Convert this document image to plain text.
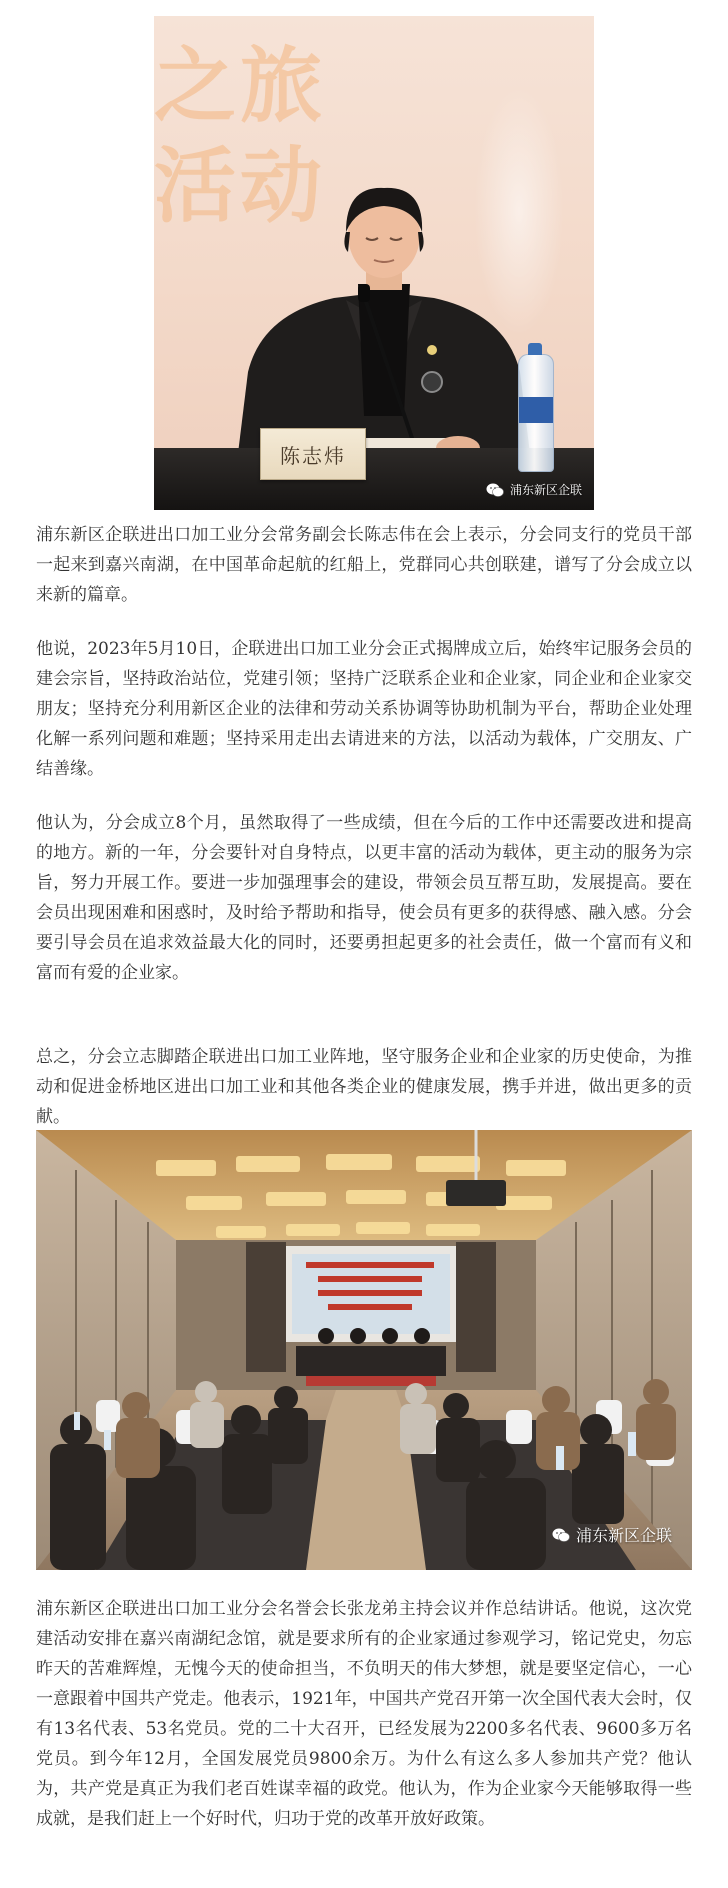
之旅
活动
陈志炜
浦东新区企联

浦东新区企联进出口加工业分会常务副会长陈志伟在会上表示，分会同支行的党员干部一起来到嘉兴南湖，在中国革命起航的红船上，党群同心共创联建，谱写了分会成立以来新的篇章。

他说，2023年5月10日，企联进出口加工业分会正式揭牌成立后，始终牢记服务会员的建会宗旨，坚持政治站位，党建引领；坚持广泛联系企业和企业家，同企业和企业家交朋友；坚持充分利用新区企业的法律和劳动关系协调等协助机制为平台，帮助企业处理化解一系列问题和难题；坚持采用走出去请进来的方法，以活动为载体，广交朋友、广结善缘。

他认为，分会成立8个月，虽然取得了一些成绩，但在今后的工作中还需要改进和提高的地方。新的一年，分会要针对自身特点，以更丰富的活动为载体，更主动的服务为宗旨，努力开展工作。要进一步加强理事会的建设，带领会员互帮互助，发展提高。要在会员出现困难和困惑时，及时给予帮助和指导，使会员有更多的获得感、融入感。分会要引导会员在追求效益最大化的同时，还要勇担起更多的社会责任，做一个富而有义和富而有爱的企业家。

总之，分会立志脚踏企联进出口加工业阵地，坚守服务企业和企业家的历史使命，为推动和促进金桥地区进出口加工业和其他各类企业的健康发展，携手并进，做出更多的贡献。

浦东新区企联

浦东新区企联进出口加工业分会名誉会长张龙弟主持会议并作总结讲话。他说，这次党建活动安排在嘉兴南湖纪念馆，就是要求所有的企业家通过参观学习，铭记党史，勿忘昨天的苦难辉煌，无愧今天的使命担当，不负明天的伟大梦想，就是要坚定信心，一心一意跟着中国共产党走。他表示，1921年，中国共产党召开第一次全国代表大会时，仅有13名代表、53名党员。党的二十大召开，已经发展为2200多名代表、9600多万名党员。到今年12月，全国发展党员9800余万。为什么有这么多人参加共产党？他认为，共产党是真正为我们老百姓谋幸福的政党。他认为，作为企业家今天能够取得一些成就，是我们赶上一个好时代，归功于党的改革开放好政策。
